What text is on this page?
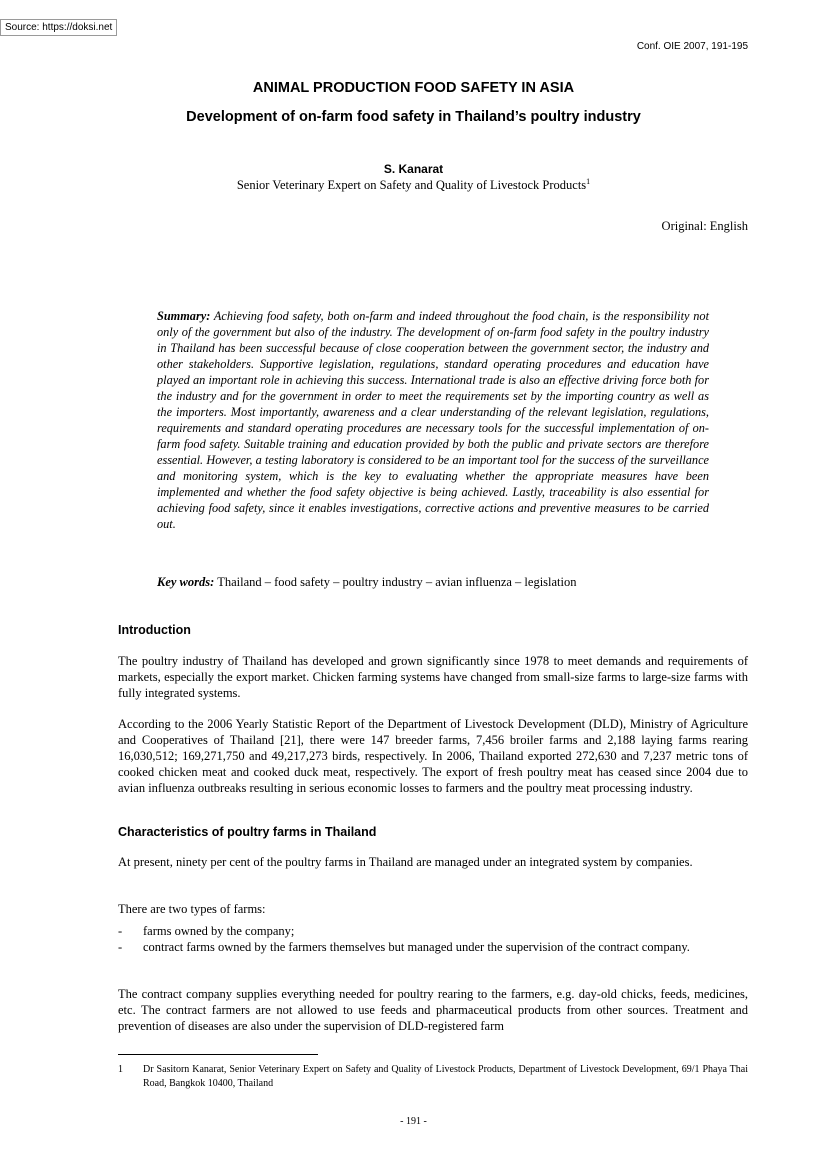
Source: https://doksi.net
Conf. OIE 2007, 191-195
ANIMAL PRODUCTION FOOD SAFETY IN ASIA
Development of on-farm food safety in Thailand’s poultry industry
S. Kanarat
Senior Veterinary Expert on Safety and Quality of Livestock Products$^1$
Original: English
Summary: Achieving food safety, both on-farm and indeed throughout the food chain, is the responsibility not only of the government but also of the industry. The development of on-farm food safety in the poultry industry in Thailand has been successful because of close cooperation between the government sector, the industry and other stakeholders. Supportive legislation, regulations, standard operating procedures and education have played an important role in achieving this success. International trade is also an effective driving force both for the industry and for the government in order to meet the requirements set by the importing country as well as the importers. Most importantly, awareness and a clear understanding of the relevant legislation, regulations, requirements and standard operating procedures are necessary tools for the successful implementation of on-farm food safety. Suitable training and education provided by both the public and private sectors are therefore essential. However, a testing laboratory is considered to be an important tool for the success of the surveillance and monitoring system, which is the key to evaluating whether the appropriate measures have been implemented and whether the food safety objective is being achieved. Lastly, traceability is also essential for achieving food safety, since it enables investigations, corrective actions and preventive measures to be carried out.
Key words: Thailand – food safety – poultry industry – avian influenza – legislation
Introduction
The poultry industry of Thailand has developed and grown significantly since 1978 to meet demands and requirements of markets, especially the export market. Chicken farming systems have changed from small-size farms to large-size farms with fully integrated systems.
According to the 2006 Yearly Statistic Report of the Department of Livestock Development (DLD), Ministry of Agriculture and Cooperatives of Thailand [21], there were 147 breeder farms, 7,456 broiler farms and 2,188 laying farms rearing 16,030,512; 169,271,750 and 49,217,273 birds, respectively. In 2006, Thailand exported 272,630 and 7,237 metric tons of cooked chicken meat and cooked duck meat, respectively. The export of fresh poultry meat has ceased since 2004 due to avian influenza outbreaks resulting in serious economic losses to farmers and the poultry meat processing industry.
Characteristics of poultry farms in Thailand
At present, ninety per cent of the poultry farms in Thailand are managed under an integrated system by companies.
There are two types of farms:
- farms owned by the company;
- contract farms owned by the farmers themselves but managed under the supervision of the contract company.
The contract company supplies everything needed for poultry rearing to the farmers, e.g. day-old chicks, feeds, medicines, etc. The contract farmers are not allowed to use feeds and pharmaceutical products from other sources. Treatment and prevention of diseases are also under the supervision of DLD-registered farm
1 Dr Sasitorn Kanarat, Senior Veterinary Expert on Safety and Quality of Livestock Products, Department of Livestock Development, 69/1 Phaya Thai Road, Bangkok 10400, Thailand

- 191 -
